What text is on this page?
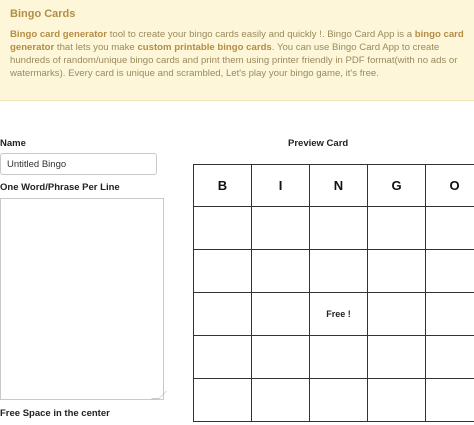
Bingo Cards
Bingo card generator tool to create your bingo cards easily and quickly !. Bingo Card App is a bingo card generator that lets you make custom printable bingo cards. You can use Bingo Card App to create hundreds of random/unique bingo cards and print them using printer friendly in PDF format(with no ads or watermarks). Every card is unique and scrambled, Let's play your bingo game, it's free.
Name
Untitled Bingo
One Word/Phrase Per Line
Free Space in the center
Preview Card
B	I	N	G	O

		Free !		
